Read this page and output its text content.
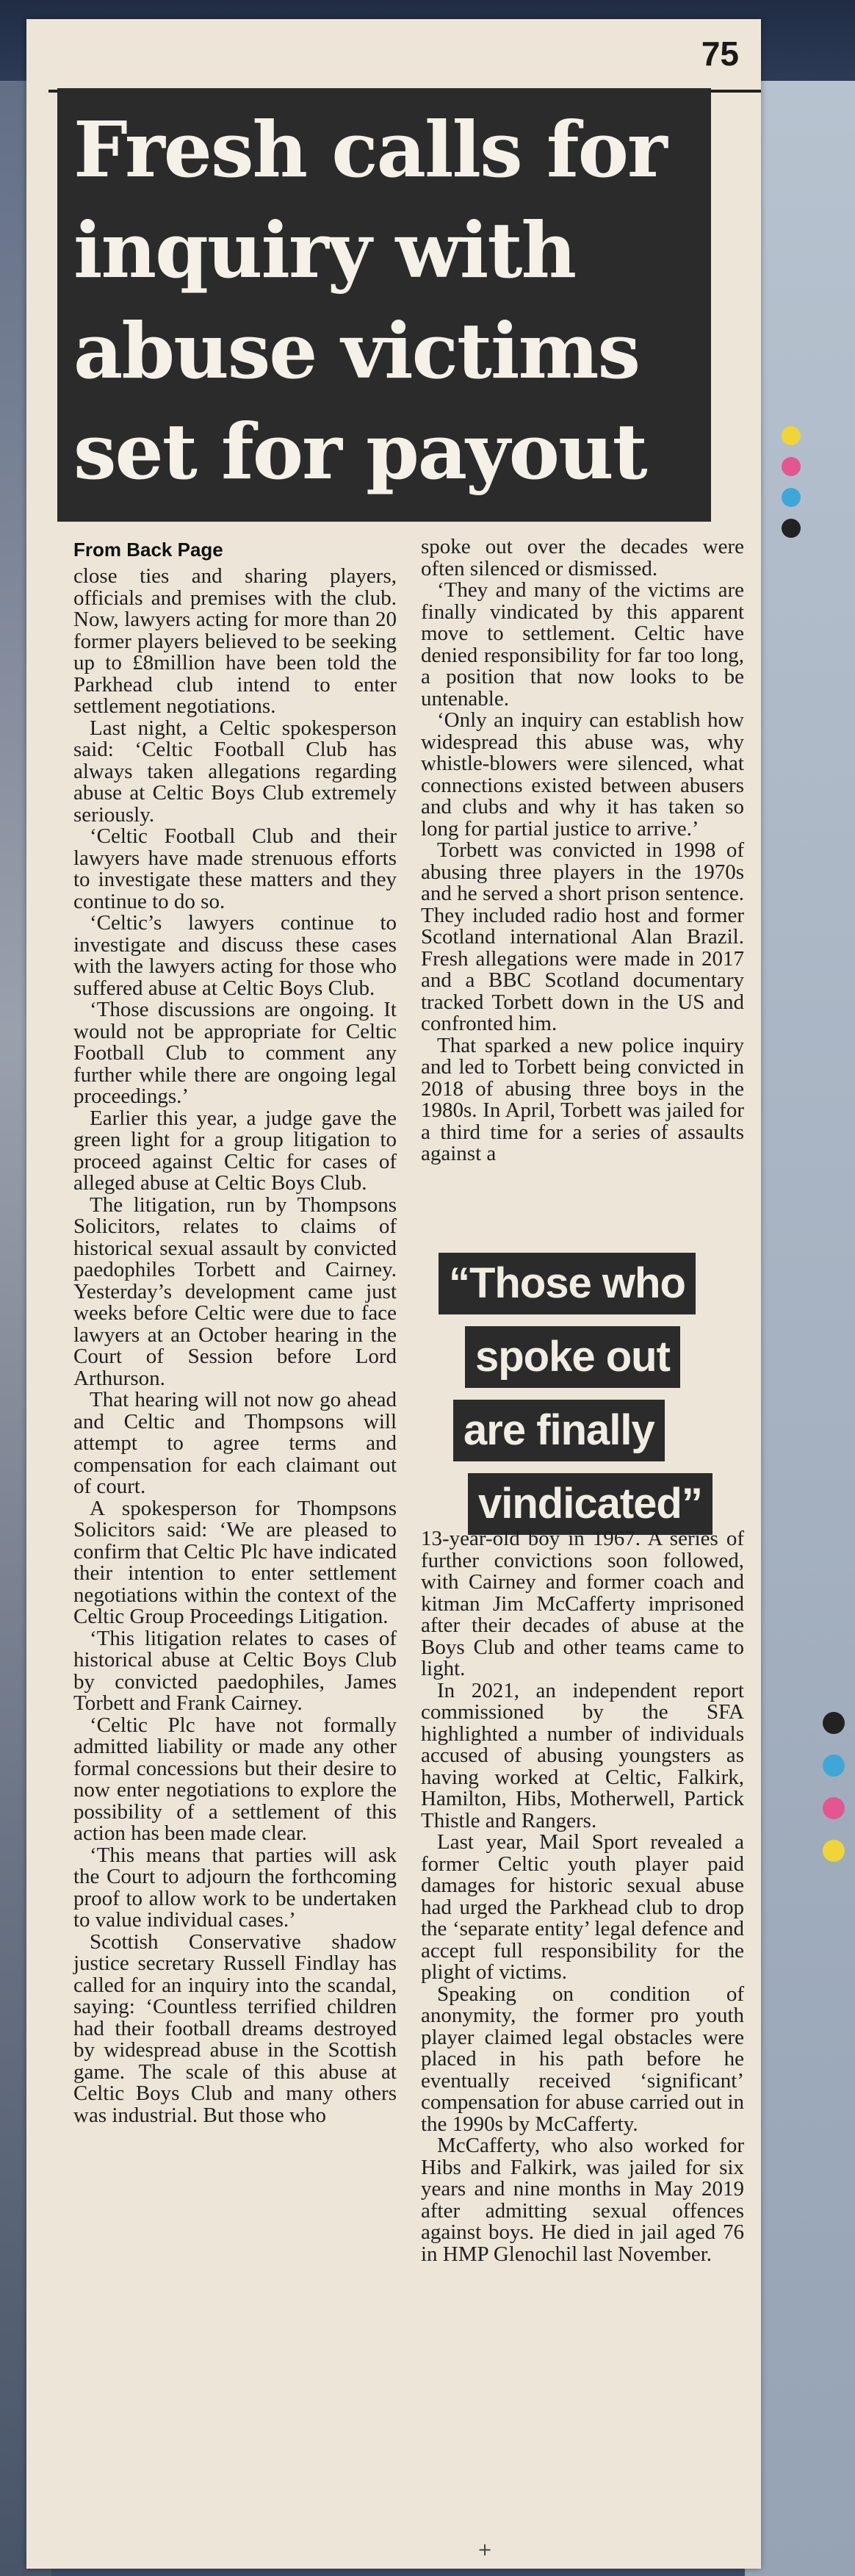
75
Fresh calls for inquiry with abuse victims set for payout
From Back Page

close ties and sharing players, officials and premises with the club. Now, lawyers acting for more than 20 former players believed to be seeking up to £8million have been told the Parkhead club intend to enter settlement negotiations.

Last night, a Celtic spokesperson said: ‘Celtic Football Club has always taken allegations regarding abuse at Celtic Boys Club extremely seriously.

‘Celtic Football Club and their lawyers have made strenuous efforts to investigate these matters and they continue to do so.

‘Celtic’s lawyers continue to investigate and discuss these cases with the lawyers acting for those who suffered abuse at Celtic Boys Club.

‘Those discussions are ongoing. It would not be appropriate for Celtic Football Club to comment any further while there are ongoing legal proceedings.’

Earlier this year, a judge gave the green light for a group litigation to proceed against Celtic for cases of alleged abuse at Celtic Boys Club.

The litigation, run by Thompsons Solicitors, relates to claims of historical sexual assault by convicted paedophiles Torbett and Cairney. Yesterday’s development came just weeks before Celtic were due to face lawyers at an October hearing in the Court of Session before Lord Arthurson.

That hearing will not now go ahead and Celtic and Thompsons will attempt to agree terms and compensation for each claimant out of court.

A spokesperson for Thompsons Solicitors said: ‘We are pleased to confirm that Celtic Plc have indicated their intention to enter settlement negotiations within the context of the Celtic Group Proceedings Litigation.

‘This litigation relates to cases of historical abuse at Celtic Boys Club by convicted paedophiles, James Torbett and Frank Cairney.

‘Celtic Plc have not formally admitted liability or made any other formal concessions but their desire to now enter negotiations to explore the possibility of a settlement of this action has been made clear.

‘This means that parties will ask the Court to adjourn the forthcoming proof to allow work to be undertaken to value individual cases.’

Scottish Conservative shadow justice secretary Russell Findlay has called for an inquiry into the scandal, saying: ‘Countless terrified children had their football dreams destroyed by widespread abuse in the Scottish game. The scale of this abuse at Celtic Boys Club and many others was industrial. But those who

spoke out over the decades were often silenced or dismissed.

‘They and many of the victims are finally vindicated by this apparent move to settlement. Celtic have denied responsibility for far too long, a position that now looks to be untenable.

‘Only an inquiry can establish how widespread this abuse was, why whistle-blowers were silenced, what connections existed between abusers and clubs and why it has taken so long for partial justice to arrive.’

Torbett was convicted in 1998 of abusing three players in the 1970s and he served a short prison sentence. They included radio host and former Scotland international Alan Brazil. Fresh allegations were made in 2017 and a BBC Scotland documentary tracked Torbett down in the US and confronted him.

That sparked a new police inquiry and led to Torbett being convicted in 2018 of abusing three boys in the 1980s. In April, Torbett was jailed for a third time for a series of assaults against a

“Those who
spoke out
are finally
vindicated”

13-year-old boy in 1967. A series of further convictions soon followed, with Cairney and former coach and kitman Jim McCafferty imprisoned after their decades of abuse at the Boys Club and other teams came to light.

In 2021, an independent report commissioned by the SFA highlighted a number of individuals accused of abusing youngsters as having worked at Celtic, Falkirk, Hamilton, Hibs, Motherwell, Partick Thistle and Rangers.

Last year, Mail Sport revealed a former Celtic youth player paid damages for historic sexual abuse had urged the Parkhead club to drop the ‘separate entity’ legal defence and accept full responsibility for the plight of victims.

Speaking on condition of anonymity, the former pro youth player claimed legal obstacles were placed in his path before he eventually received ‘significant’ compensation for abuse carried out in the 1990s by McCafferty.

McCafferty, who also worked for Hibs and Falkirk, was jailed for six years and nine months in May 2019 after admitting sexual offences against boys. He died in jail aged 76 in HMP Glenochil last November.

+
